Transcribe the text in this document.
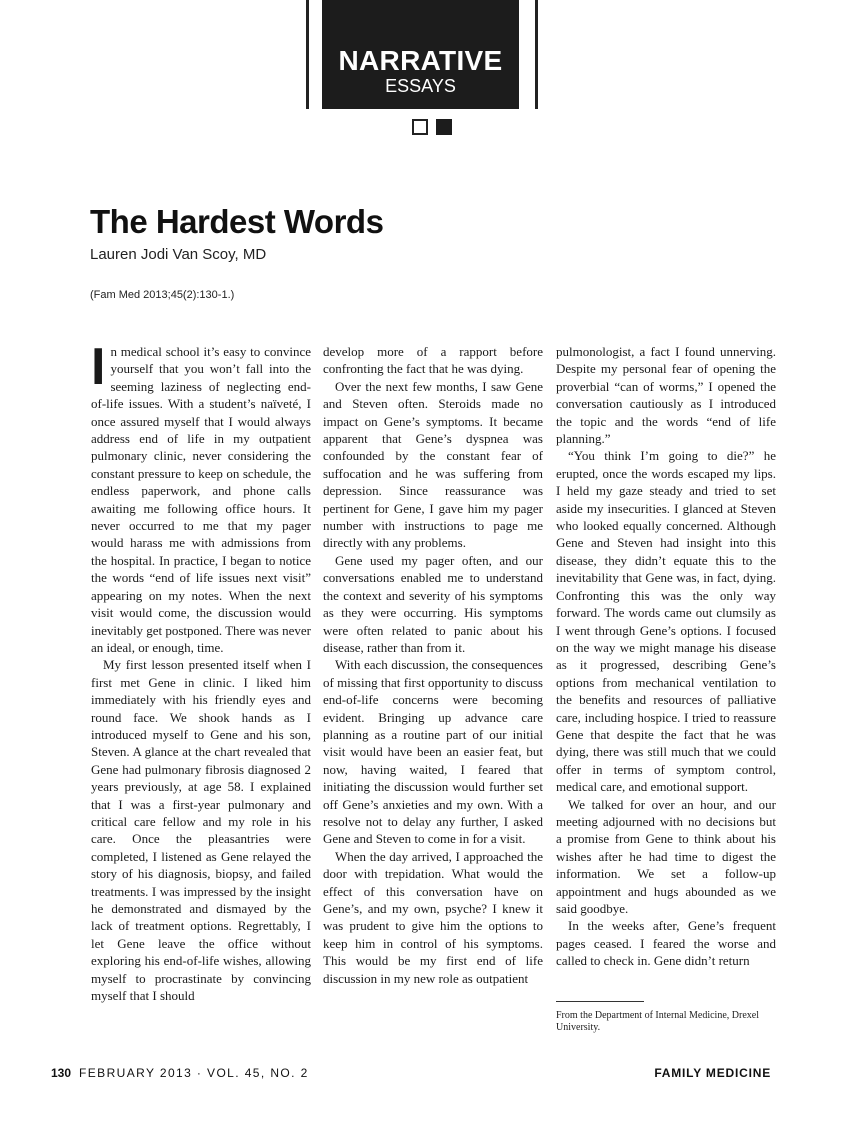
NARRATIVE
ESSAYS
The Hardest Words
Lauren Jodi Van Scoy, MD
(Fam Med 2013;45(2):130-1.)

In medical school it’s easy to convince yourself that you won’t fall into the seeming laziness of neglecting end-of-life issues. With a student’s naïveté, I once assured myself that I would always address end of life in my outpatient pulmonary clinic, never considering the constant pressure to keep on schedule, the endless paperwork, and phone calls awaiting me following office hours. It never occurred to me that my pager would harass me with admissions from the hospital. In practice, I began to notice the words “end of life issues next visit” appearing on my notes. When the next visit would come, the discussion would inevitably get postponed. There was never an ideal, or enough, time.

My first lesson presented itself when I first met Gene in clinic. I liked him immediately with his friendly eyes and round face. We shook hands as I introduced myself to Gene and his son, Steven. A glance at the chart revealed that Gene had pulmonary fibrosis diagnosed 2 years previously, at age 58. I explained that I was a first-year pulmonary and critical care fellow and my role in his care. Once the pleasantries were completed, I listened as Gene relayed the story of his diagnosis, biopsy, and failed treatments. I was impressed by the insight he demonstrated and dismayed by the lack of treatment options. Regrettably, I let Gene leave the office without exploring his end-of-life wishes, allowing myself to procrastinate by convincing myself that I should

develop more of a rapport before confronting the fact that he was dying.

Over the next few months, I saw Gene and Steven often. Steroids made no impact on Gene’s symptoms. It became apparent that Gene’s dyspnea was confounded by the constant fear of suffocation and he was suffering from depression. Since reassurance was pertinent for Gene, I gave him my pager number with instructions to page me directly with any problems.

Gene used my pager often, and our conversations enabled me to understand the context and severity of his symptoms as they were occurring. His symptoms were often related to panic about his disease, rather than from it.

With each discussion, the consequences of missing that first opportunity to discuss end-of-life concerns were becoming evident. Bringing up advance care planning as a routine part of our initial visit would have been an easier feat, but now, having waited, I feared that initiating the discussion would further set off Gene’s anxieties and my own. With a resolve not to delay any further, I asked Gene and Steven to come in for a visit.

When the day arrived, I approached the door with trepidation. What would the effect of this conversation have on Gene’s, and my own, psyche? I knew it was prudent to give him the options to keep him in control of his symptoms. This would be my first end of life discussion in my new role as outpatient

pulmonologist, a fact I found unnerving. Despite my personal fear of opening the proverbial “can of worms,” I opened the conversation cautiously as I introduced the topic and the words “end of life planning.”

“You think I’m going to die?” he erupted, once the words escaped my lips. I held my gaze steady and tried to set aside my insecurities. I glanced at Steven who looked equally concerned. Although Gene and Steven had insight into this disease, they didn’t equate this to the inevitability that Gene was, in fact, dying. Confronting this was the only way forward. The words came out clumsily as I went through Gene’s options. I focused on the way we might manage his disease as it progressed, describing Gene’s options from mechanical ventilation to the benefits and resources of palliative care, including hospice. I tried to reassure Gene that despite the fact that he was dying, there was still much that we could offer in terms of symptom control, medical care, and emotional support.

We talked for over an hour, and our meeting adjourned with no decisions but a promise from Gene to think about his wishes after he had time to digest the information. We set a follow-up appointment and hugs abounded as we said goodbye.

In the weeks after, Gene’s frequent pages ceased. I feared the worse and called to check in. Gene didn’t return

From the Department of Internal Medicine, Drexel University.
130 FEBRUARY 2013 · VOL. 45, NO. 2	FAMILY MEDICINE
